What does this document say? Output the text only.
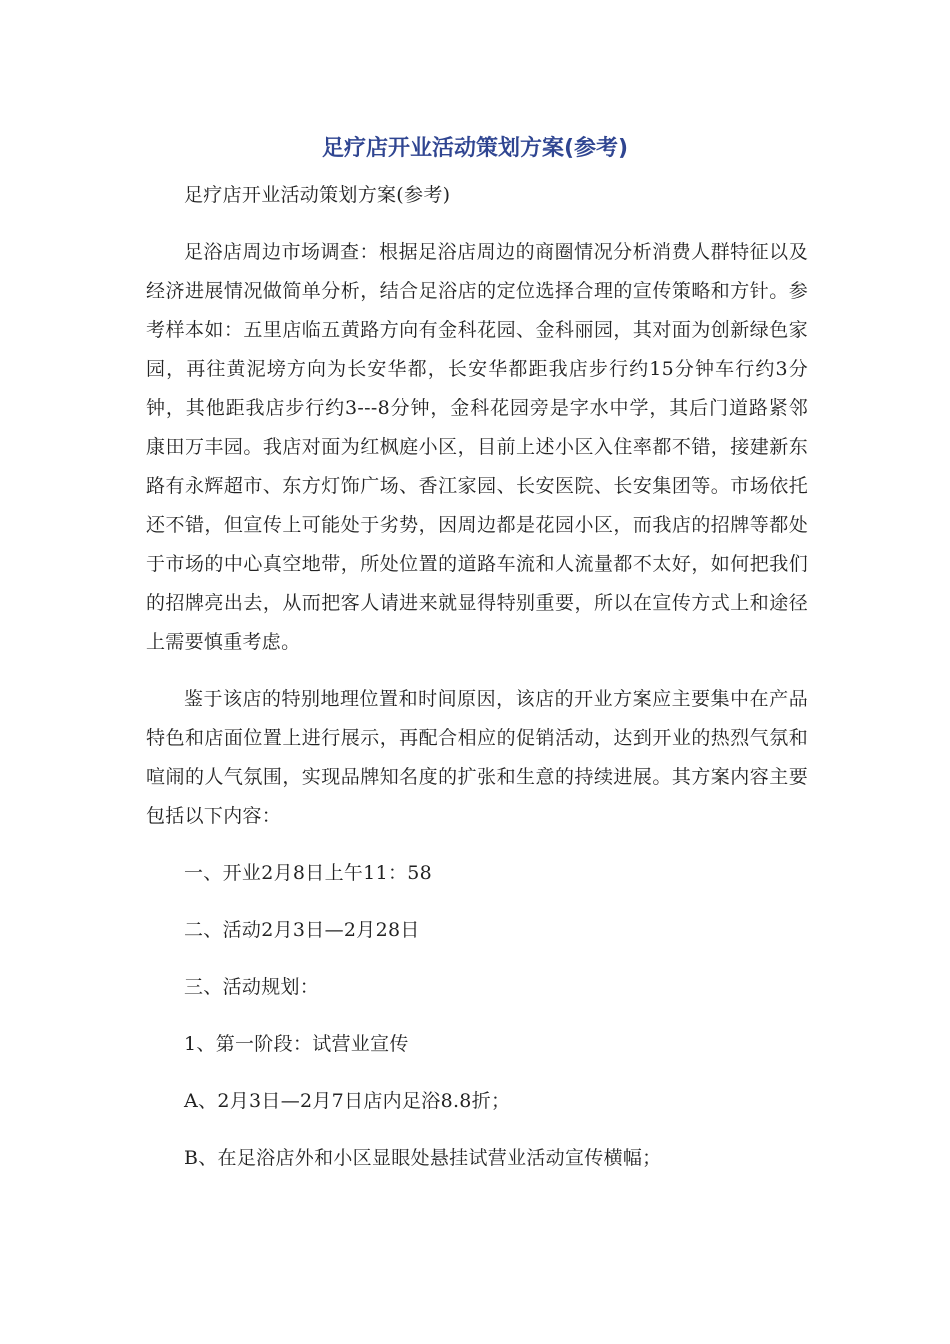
足疗店开业活动策划方案(参考)

足疗店开业活动策划方案(参考)

足浴店周边市场调查：根据足浴店周边的商圈情况分析消费人群特征以及经济进展情况做简单分析，结合足浴店的定位选择合理的宣传策略和方针。参考样本如：五里店临五黄路方向有金科花园、金科丽园，其对面为创新绿色家园，再往黄泥塝方向为长安华都，长安华都距我店步行约15分钟车行约3分钟，其他距我店步行约3---8分钟，金科花园旁是字水中学，其后门道路紧邻康田万丰园。我店对面为红枫庭小区，目前上述小区入住率都不错，接建新东路有永辉超市、东方灯饰广场、香江家园、长安医院、长安集团等。市场依托还不错，但宣传上可能处于劣势，因周边都是花园小区，而我店的招牌等都处于市场的中心真空地带，所处位置的道路车流和人流量都不太好，如何把我们的招牌亮出去，从而把客人请进来就显得特别重要，所以在宣传方式上和途径上需要慎重考虑。

鉴于该店的特别地理位置和时间原因，该店的开业方案应主要集中在产品特色和店面位置上进行展示，再配合相应的促销活动，达到开业的热烈气氛和喧闹的人气氛围，实现品牌知名度的扩张和生意的持续进展。其方案内容主要包括以下内容：

一、开业2月8日上午11：58

二、活动2月3日—2月28日

三、活动规划：

1、第一阶段：试营业宣传

A、2月3日—2月7日店内足浴8.8折；

B、在足浴店外和小区显眼处悬挂试营业活动宣传横幅；
